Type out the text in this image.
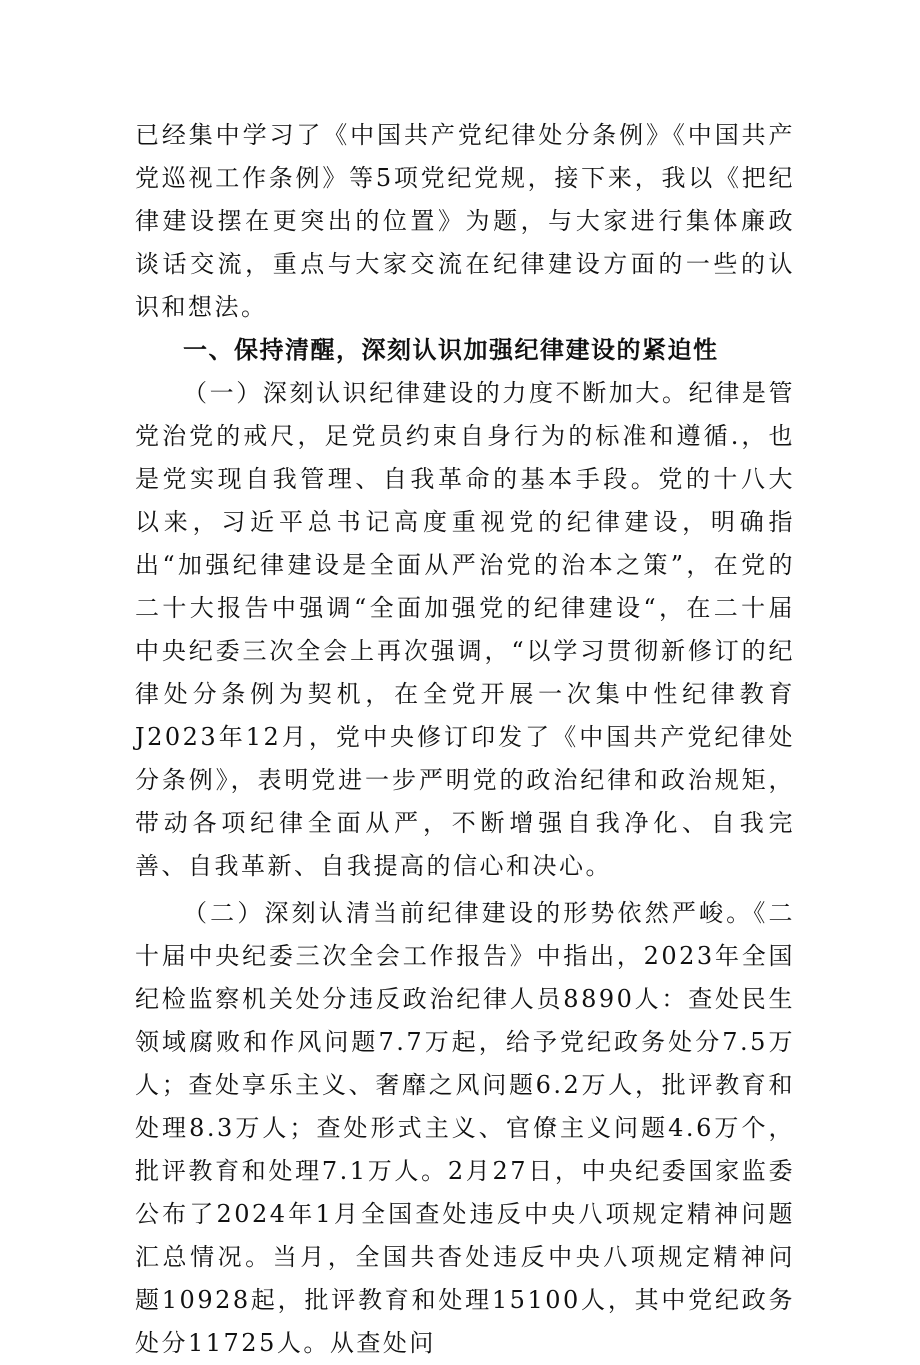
已经集中学习了《中国共产党纪律处分条例》《中国共产党巡视工作条例》等5项党纪党规，接下来，我以《把纪律建设摆在更突出的位置》为题，与大家进行集体廉政谈话交流，重点与大家交流在纪律建设方面的一些的认识和想法。

一、保持清醒，深刻认识加强纪律建设的紧迫性

（一）深刻认识纪律建设的力度不断加大。纪律是管党治党的戒尺，足党员约束自身行为的标准和遵循.，也是党实现自我管理、自我革命的基本手段。党的十八大以来，习近平总书记高度重视党的纪律建设，明确指出“加强纪律建设是全面从严治党的治本之策”，在党的二十大报告中强调“全面加强党的纪律建设“，在二十届中央纪委三次全会上再次强调，“以学习贯彻新修订的纪律处分条例为契机，在全党开展一次集中性纪律教育J2023年12月，党中央修订印发了《中国共产党纪律处分条例》，表明党进一步严明党的政治纪律和政治规矩，带动各项纪律全面从严，不断增强自我净化、自我完善、自我革新、自我提高的信心和决心。

（二）深刻认清当前纪律建设的形势依然严峻。《二十届中央纪委三次全会工作报告》中指出，2023年全国纪检监察机关处分违反政治纪律人员8890人：查处民生领域腐败和作风问题7.7万起，给予党纪政务处分7.5万人；查处享乐主义、奢靡之风问题6.2万人，批评教育和处理8.3万人；查处形式主义、官僚主义问题4.6万个，批评教育和处理7.1万人。2月27日，中央纪委国家监委公布了2024年1月全国查处违反中央八项规定精神问题汇总情况。当月，全国共杳处违反中央八项规定精神问题10928起，批评教育和处理15100人，其中党纪政务处分11725人。从查处问
